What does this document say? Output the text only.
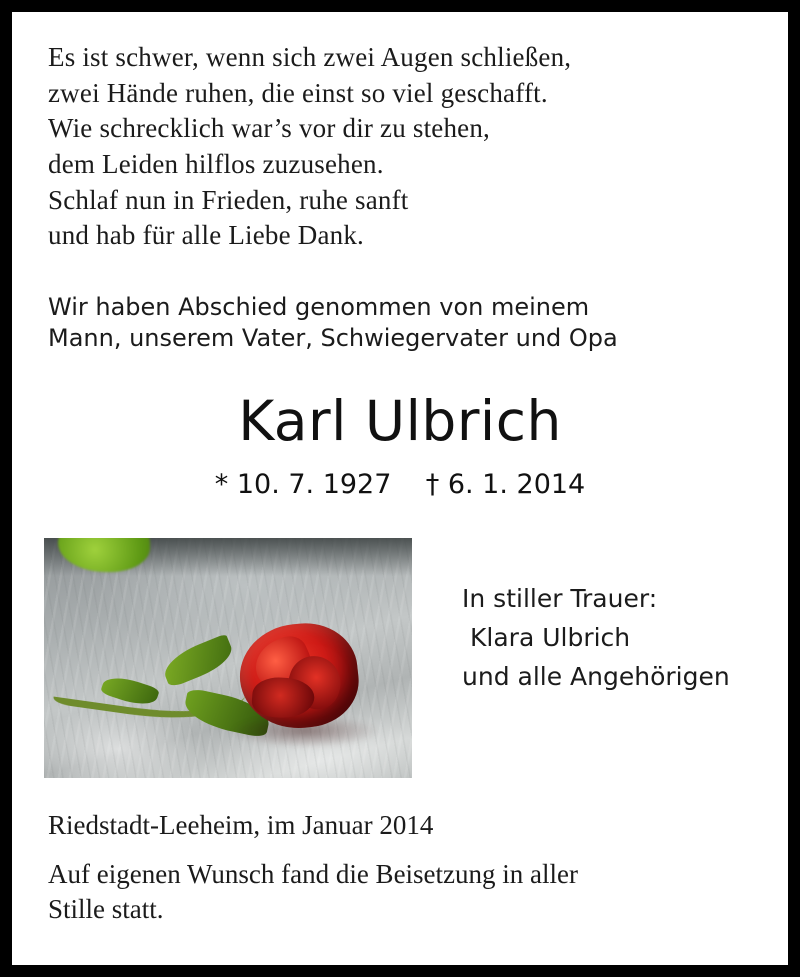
Es ist schwer, wenn sich zwei Augen schließen,
zwei Hände ruhen, die einst so viel geschafft.
Wie schrecklich war’s vor dir zu stehen,
dem Leiden hilflos zuzusehen.
Schlaf nun in Frieden, ruhe sanft
und hab für alle Liebe Dank.
Wir haben Abschied genommen von meinem
Mann, unserem Vater, Schwiegervater und Opa
Karl Ulbrich
* 10. 7. 1927    † 6. 1. 2014
In stiller Trauer:
Klara Ulbrich
und alle Angehörigen
Riedstadt-Leeheim, im Januar 2014
Auf eigenen Wunsch fand die Beisetzung in aller
Stille statt.
